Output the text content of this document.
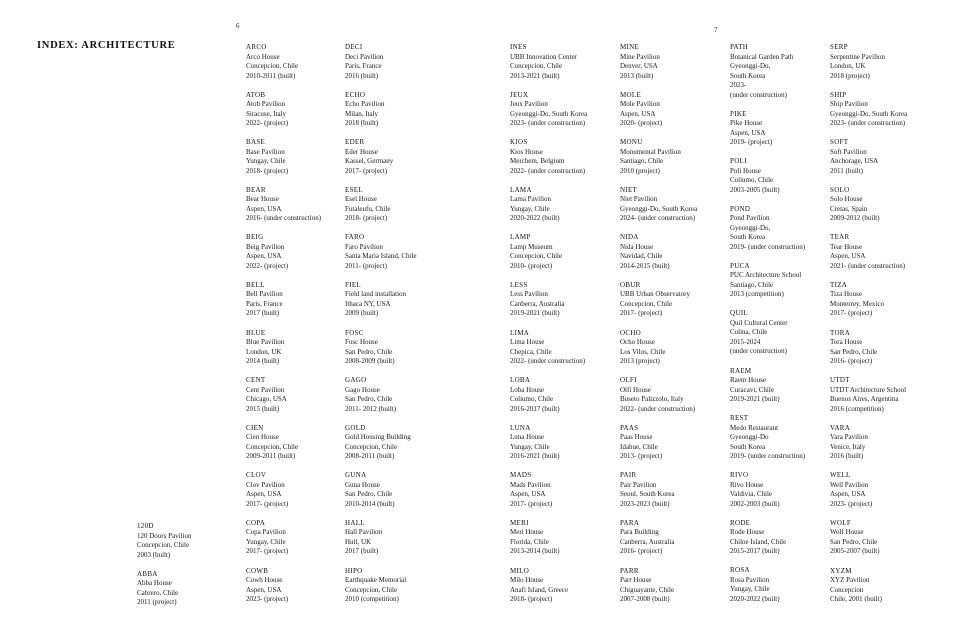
INDEX: ARCHITECTURE
6	7
120D
120 Doors Pavilion
Concepcion, Chile
2003 (built)
ABBA
Abba House
Cabrero, Chile
2011 (project)
ARCO
Arco House
Concepcion, Chile
2010-2011 (built)
ATOB
Atob Pavilion
Siracuse, Italy
2022- (project)
BASE
Base Pavilion
Yungay, Chile
2018- (project)
BEAR
Bear House
Aspen, USA
2016- (under construction)
BEIG
Beig Pavilion
Aspen, USA
2022- (project)
BELL
Bell Pavilion
Paris, France
2017 (built)
BLUE
Blue Pavilion
London, UK
2014 (built)
CENT
Cent Pavilion
Chicago, USA
2015 (built)
CIEN
Cien House
Concepcion, Chile
2009-2011 (built)
CLOV
Clov Pavilion
Aspen, USA
2017- (project)
COPA
Copa Pavilion
Yungay, Chile
2017- (project)
COWB
Cowb House
Aspen, USA
2023- (project)
DECI
Deci Pavilion
Paris, France
2016 (built)
ECHO
Echo Pavilion
Milan, Italy
2018 (built)
EDER
Eder House
Kassel, Germany
2017- (project)
ESEL
Esel House
Futaleufu, Chile
2018- (project)
FARO
Faro Pavilion
Santa Maria Island, Chile
2011- (project)
FIEL
Field land installation
Ithaca NY, USA
2009 (built)
FOSC
Fosc House
San Pedro, Chile
2008-2009 (built)
GAGO
Gago House
San Pedro, Chile
2011- 2012 (built)
GOLD
Gold Housing Building
Concepcion, Chile
2008-2011 (built)
GUNA
Guna House
San Pedro, Chile
2010-2014 (built)
HALL
Hall Pavilion
Hull, UK
2017 (built)
HIPO
Earthquake Memorial
Concepcion, Chile
2010 (competition)
INES
UBB Innovation Center
Concepcion, Chile
2013-2021 (built)
JEUX
Jeux Pavilion
Gyeonggi-Do, South Korea
2023- (under construction)
KIOS
Kios House
Merchem, Belgium
2022- (under construction)
LAMA
Lama Pavilion
Yungay, Chile
2020-2022 (built)
LAMP
Lamp Museum
Concepcion, Chile
2010- (project)
LESS
Less Pavilion
Canberra, Australia
2019-2021 (built)
LIMA
Lima House
Chepica, Chile
2022- (under construction)
LOBA
Loba House
Coliumo, Chile
2016-2017 (built)
LUNA
Luna House
Yungay, Chile
2016-2021 (built)
MADS
Mads Pavilion
Aspen, USA
2017- (project)
MERI
Meri House
Florida, Chile
2013-2014 (built)
MILO
Milo House
Anafi Island, Greece
2018- (project)
MINE
Mine Pavilion
Denver, USA
2013 (built)
MOLE
Mole Pavilion
Aspen, USA
2020- (project)
MONU
Monumental Pavilion
Santiago, Chile
2010 (project)
NIET
Niet Pavilion
Gyeonggi-Do, South Korea
2024- (under construction)
NIDA
Nida House
Navidad, Chile
2014-2015 (built)
OBUR
UBB Urban Observatory
Concepcion, Chile
2017- (project)
OCHO
Ocho House
Los Vilos, Chile
2013 (project)
OLFI
Olfi House
Buseto Palizzolo, Italy
2022- (under construction)
PAAS
Paas House
Idahue, Chile
2013- (project)
PAIR
Pair Pavilion
Seoul, South Korea
2023-2023 (built)
PARA
Para Building
Canberra, Australia
2016- (project)
PARR
Parr House
Chiguayante, Chile
2007-2008 (built)
PATH
Botanical Garden Path
Gyeonggi-Do,
South Korea
2023-
(under construction)
PIKE
Pike House
Aspen, USA
2019- (project)
POLI
Poli House
Coliumo, Chile
2003-2005 (built)
POND
Pond Pavilion
Gyeonggi-Do,
South Korea
2019- (under construction)
PUCA
PUC Architecture School
Santiago, Chile
2013 (competition)
QUIL
Quil Cultural Center
Colina, Chile
2015-2024
(under construction)
RAEM
Raem House
Curacavi, Chile
2019-2021 (built)
REST
Medo Restaurant
Gyeonggi-Do
South Korea
2019- (under construction)
RIVO
Rivo House
Valdivia, Chile
2002-2003 (built)
RODE
Rode House
Chiloe Island, Chile
2015-2017 (built)
ROSA
Rosa Pavilion
Yungay, Chile
2020-2022 (built)
SERP
Serpentine Pavilion
London, UK
2018 (project)
SHIP
Ship Pavilion
Gyeonggi-Do, South Korea
2023- (under construction)
SOFT
Soft Pavilion
Anchorage, USA
2011 (built)
SOLO
Solo House
Cretas, Spain
2009-2012 (built)
TEAR
Tear House
Aspen, USA
2021- (under construction)
TIZA
Tiza House
Monterrey, Mexico
2017- (project)
TORA
Tora House
San Pedro, Chile
2016- (project)
UTDT
UTDT Architecture School
Buenos Aires, Argentina
2016 (competition)
VARA
Vara Pavilion
Venice, Italy
2016 (built)
WELL
Well Pavilion
Aspen, USA
2023- (project)
WOLF
Wolf House
San Pedro, Chile
2005-2007 (built)
XYZM
XYZ Pavilion
Concepcion
Chile, 2001 (built)
